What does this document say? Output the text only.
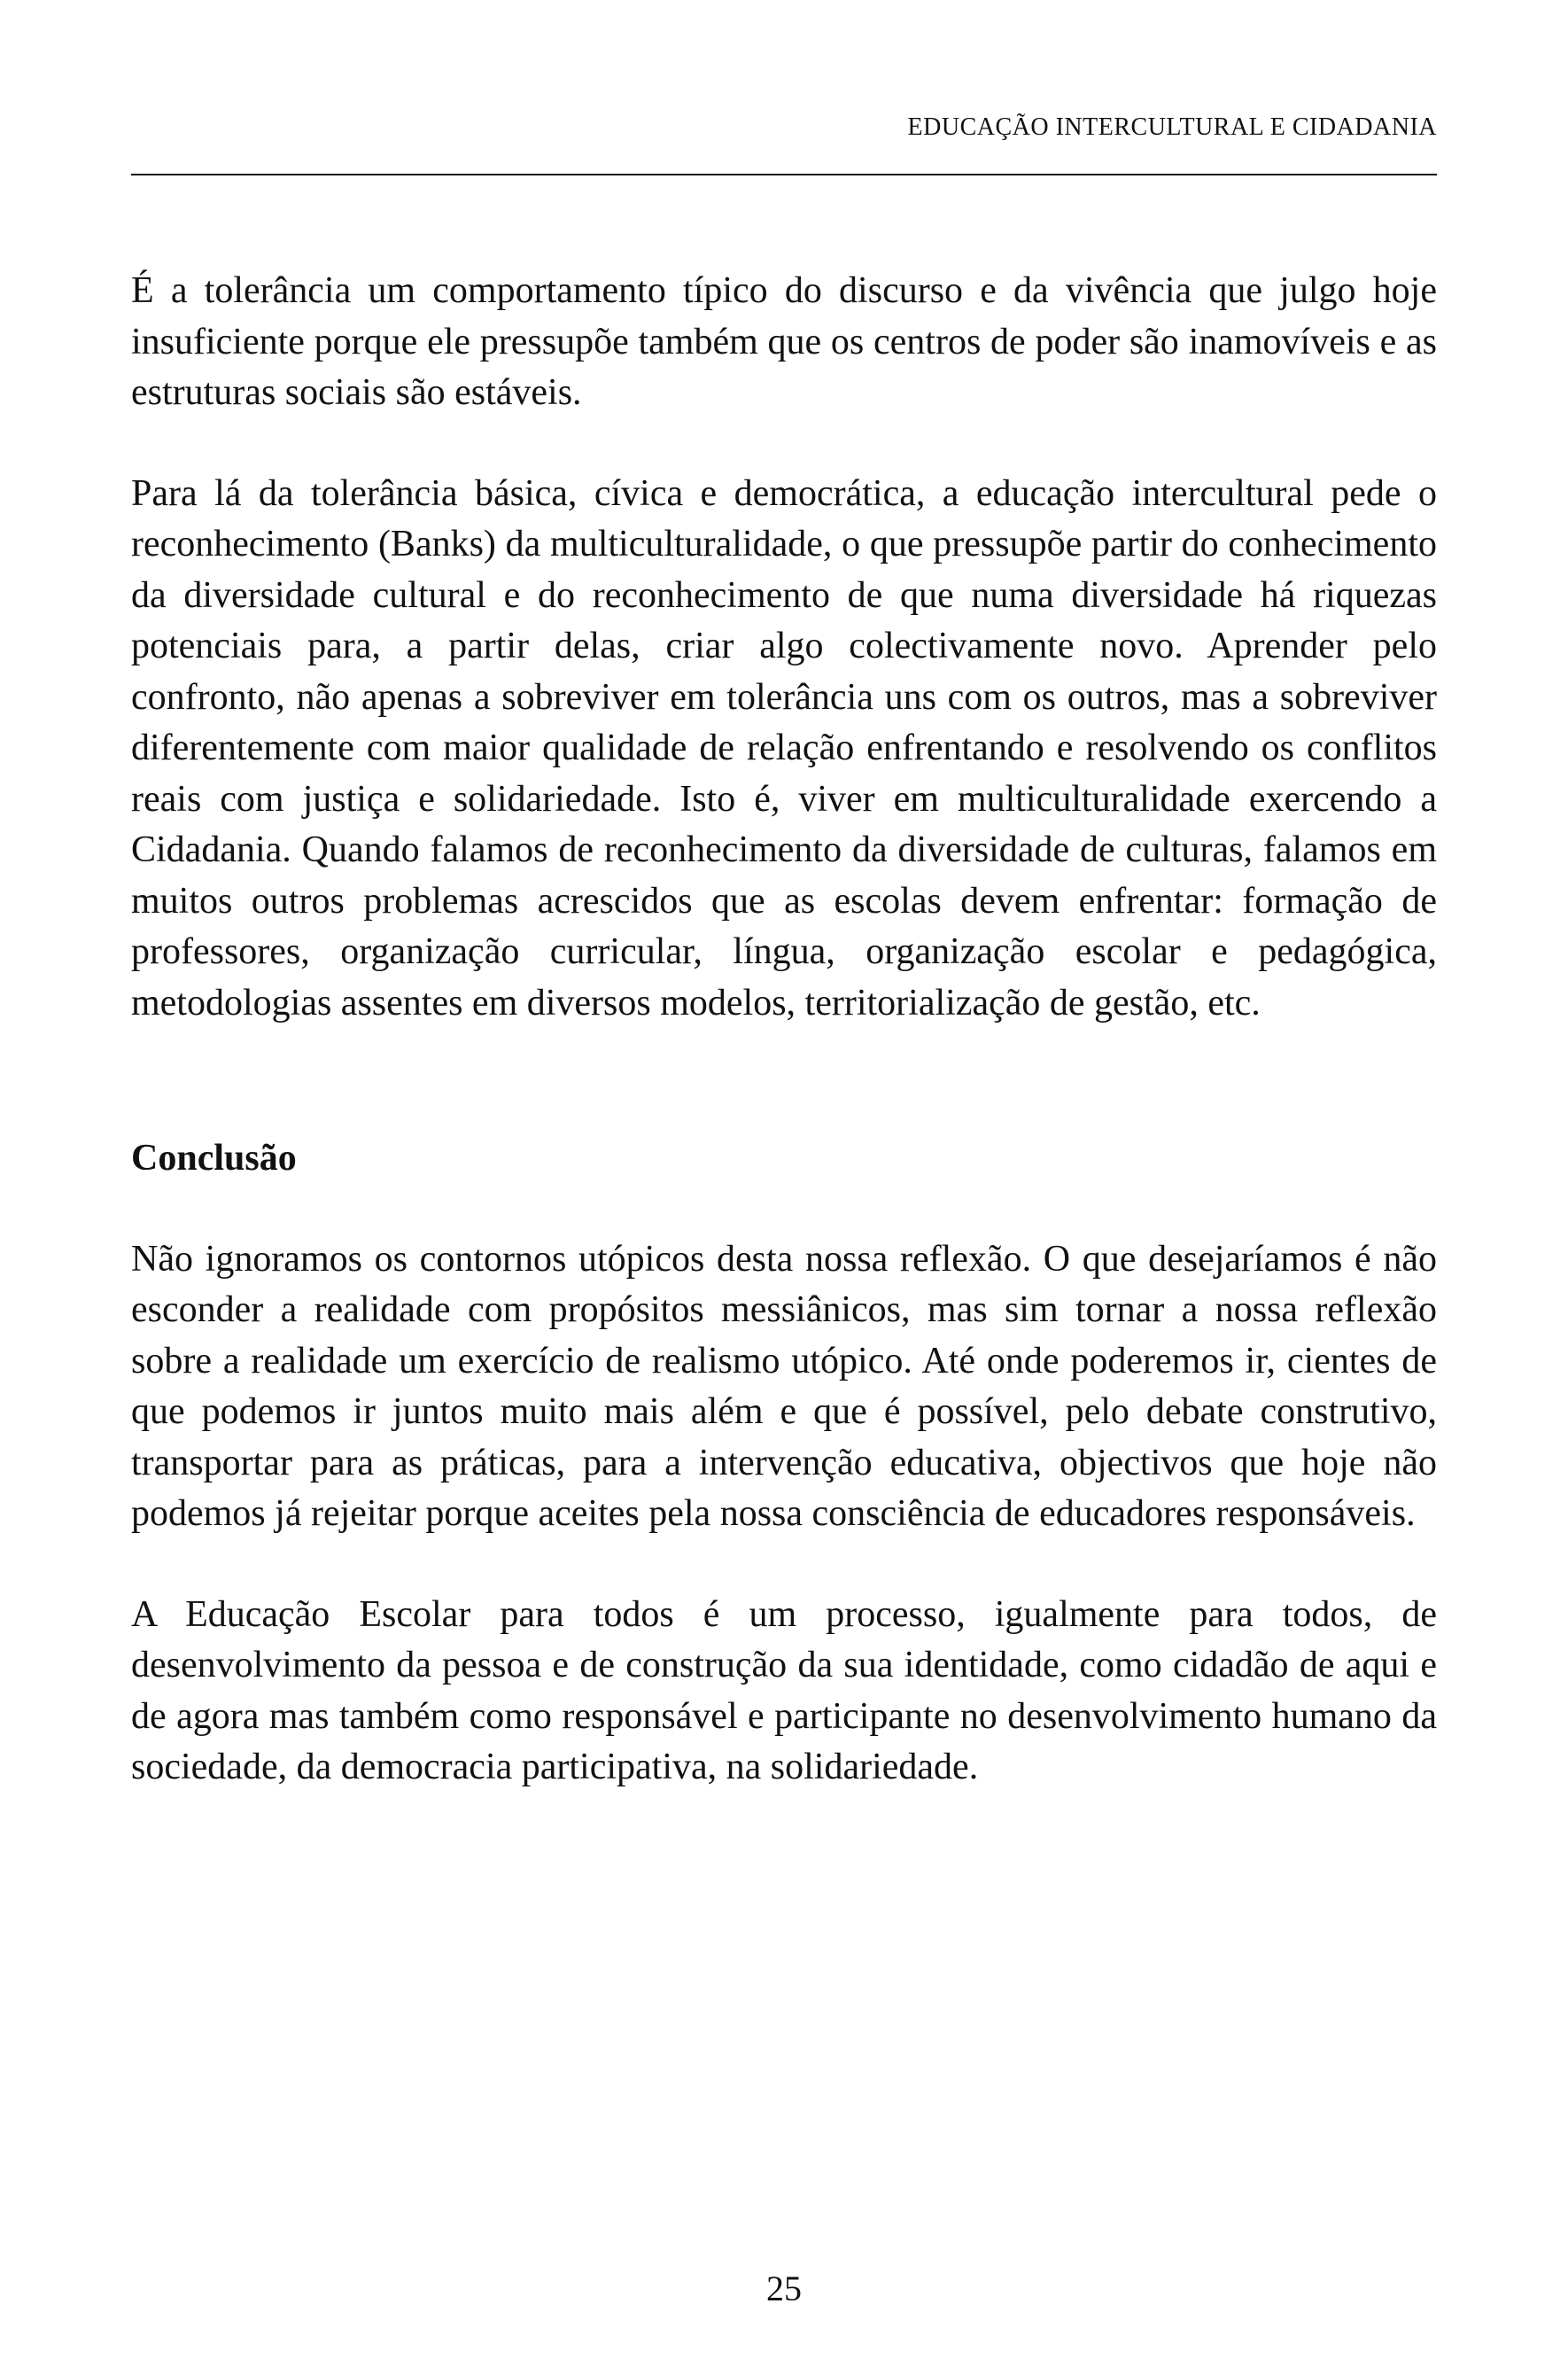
EDUCAÇÃO INTERCULTURAL E CIDADANIA

É a tolerância um comportamento típico do discurso e da vivência que julgo hoje insuficiente porque ele pressupõe também que os centros de poder são inamovíveis e as estruturas sociais são estáveis.

Para lá da tolerância básica, cívica e democrática, a educação intercultural pede o reconhecimento (Banks) da multiculturalidade, o que pressupõe partir do conhecimento da diversidade cultural e do reconhecimento de que numa diversidade há riquezas potenciais para, a partir delas, criar algo colectivamente novo. Aprender pelo confronto, não apenas a sobreviver em tolerância uns com os outros, mas a sobreviver diferentemente com maior qualidade de relação enfrentando e resolvendo os conflitos reais com justiça e solidariedade. Isto é, viver em multiculturalidade exercendo a Cidadania. Quando falamos de reconhecimento da diversidade de culturas, falamos em muitos outros problemas acrescidos que as escolas devem enfrentar: formação de professores, organização curricular, língua, organização escolar e pedagógica, metodologias assentes em diversos modelos, territorialização de gestão, etc.

Conclusão

Não ignoramos os contornos utópicos desta nossa reflexão. O que desejaríamos é não esconder a realidade com propósitos messiânicos, mas sim tornar a nossa reflexão sobre a realidade um exercício de realismo utópico. Até onde poderemos ir, cientes de que podemos ir juntos muito mais além e que é possível, pelo debate construtivo, transportar para as práticas, para a intervenção educativa, objectivos que hoje não podemos já rejeitar porque aceites pela nossa consciência de educadores responsáveis.

A Educação Escolar para todos é um processo, igualmente para todos, de desenvolvimento da pessoa e de construção da sua identidade, como cidadão de aqui e de agora mas também como responsável e participante no desenvolvimento humano da sociedade, da democracia participativa, na solidariedade.

25
